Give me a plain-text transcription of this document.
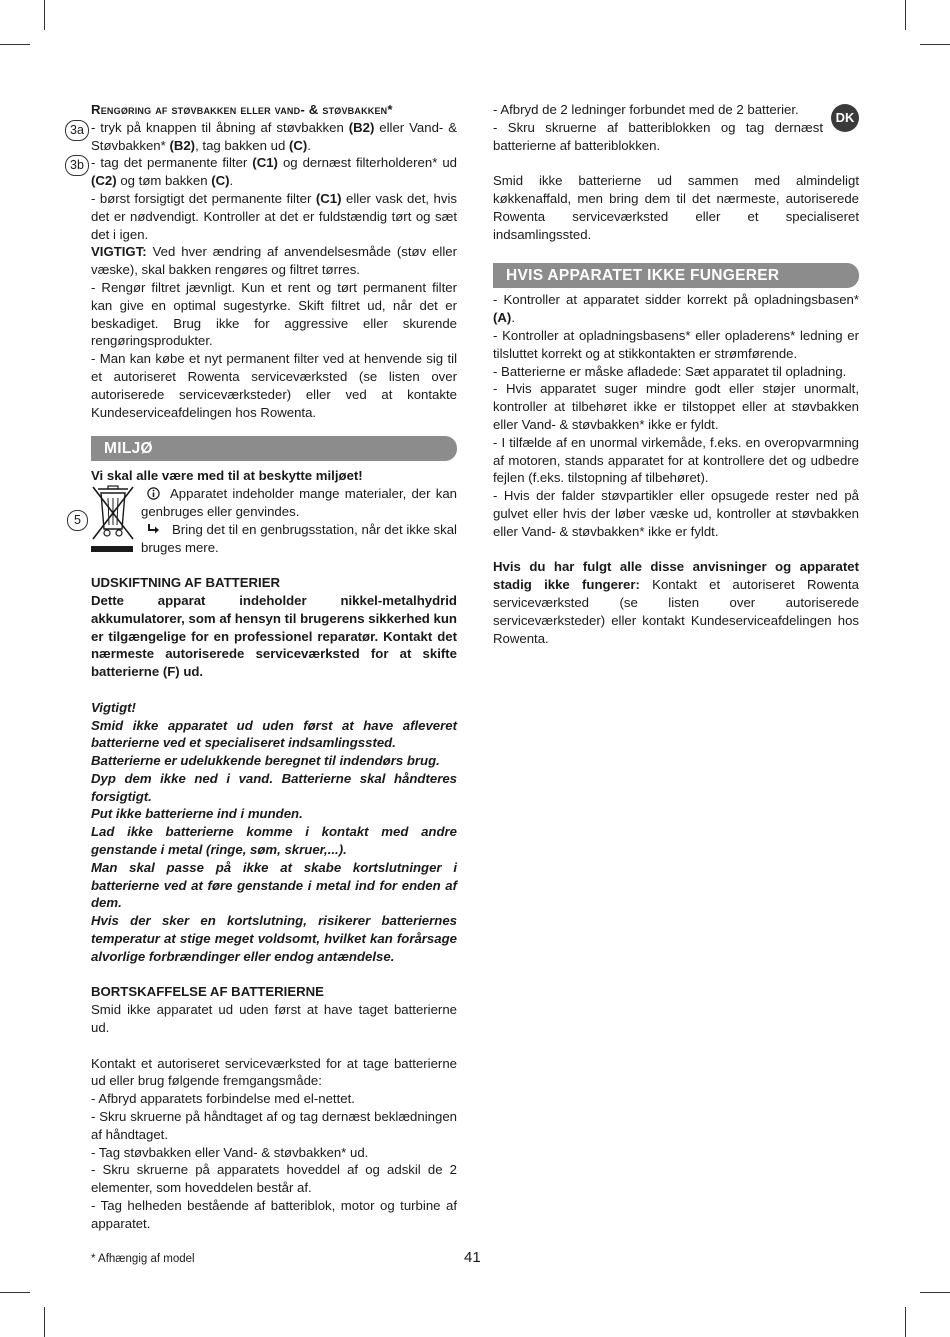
DK
3a
3b
5

Rengøring af støvbakken eller vand- & støvbakken*

- tryk på knappen til åbning af støvbakken (B2) eller Vand- & Støvbakken* (B2), tag bakken ud (C).

- tag det permanente filter (C1) og dernæst filterholderen* ud (C2) og tøm bakken (C).

- børst forsigtigt det permanente filter (C1) eller vask det, hvis det er nødvendigt. Kontroller at det er fuldstændig tørt og sæt det i igen.

VIGTIGT: Ved hver ændring af anvendelsesmåde (støv eller væske), skal bakken rengøres og filtret tørres.

- Rengør filtret jævnligt. Kun et rent og tørt permanent filter kan give en optimal sugestyrke. Skift filtret ud, når det er beskadiget. Brug ikke for aggressive eller skurende rengøringsprodukter.

- Man kan købe et nyt permanent filter ved at henvende sig til et autoriseret Rowenta serviceværksted (se listen over autoriserede serviceværksteder) eller ved at kontakte Kundeserviceafdelingen hos Rowenta.

MILJØ

Vi skal alle være med til at beskytte miljøet!

Apparatet indeholder mange materialer, der kan genbruges eller genvindes.

Bring det til en genbrugsstation, når det ikke skal bruges mere.

UDSKIFTNING AF BATTERIER

Dette apparat indeholder nikkel-metalhydrid akkumulatorer, som af hensyn til brugerens sikkerhed kun er tilgængelige for en professionel reparatør. Kontakt det nærmeste autoriserede serviceværksted for at skifte batterierne (F) ud.

Vigtigt!

Smid ikke apparatet ud uden først at have afleveret batterierne ved et specialiseret indsamlingssted.

Batterierne er udelukkende beregnet til indendørs brug.

Dyp dem ikke ned i vand. Batterierne skal håndteres forsigtigt.

Put ikke batterierne ind i munden.

Lad ikke batterierne komme i kontakt med andre genstande i metal (ringe, søm, skruer,...).

Man skal passe på ikke at skabe kortslutninger i batterierne ved at føre genstande i metal ind for enden af dem.

Hvis der sker en kortslutning, risikerer batteriernes temperatur at stige meget voldsomt, hvilket kan forårsage alvorlige forbrændinger eller endog antændelse.

BORTSKAFFELSE AF BATTERIERNE

Smid ikke apparatet ud uden først at have taget batterierne ud.

Kontakt et autoriseret serviceværksted for at tage batterierne ud eller brug følgende fremgangsmåde:

- Afbryd apparatets forbindelse med el-nettet.

- Skru skruerne på håndtaget af og tag dernæst beklædningen af håndtaget.

- Tag støvbakken eller Vand- & støvbakken* ud.

- Skru skruerne på apparatets hoveddel af og adskil de 2 elementer, som hoveddelen består af.

- Tag helheden bestående af batteriblok, motor og turbine af apparatet.

- Afbryd de 2 ledninger forbundet med de 2 batterier.

- Skru skruerne af batteriblokken og tag dernæst batterierne af batteriblokken.

Smid ikke batterierne ud sammen med almindeligt køkkenaffald, men bring dem til det nærmeste, autoriserede Rowenta serviceværksted eller et specialiseret indsamlingssted.

HVIS APPARATET IKKE FUNGERER

- Kontroller at apparatet sidder korrekt på opladningsbasen* (A).

- Kontroller at opladningsbasens* eller opladerens* ledning er tilsluttet korrekt og at stikkontakten er strømførende.

- Batterierne er måske afladede: Sæt apparatet til opladning.

- Hvis apparatet suger mindre godt eller støjer unormalt, kontroller at tilbehøret ikke er tilstoppet eller at støvbakken eller Vand- & støvbakken* ikke er fyldt.

- I tilfælde af en unormal virkemåde, f.eks. en overopvarmning af motoren, stands apparatet for at kontrollere det og udbedre fejlen (f.eks. tilstopning af tilbehøret).

- Hvis der falder støvpartikler eller opsugede rester ned på gulvet eller hvis der løber væske ud, kontroller at støvbakken eller Vand- & støvbakken* ikke er fyldt.

Hvis du har fulgt alle disse anvisninger og apparatet stadig ikke fungerer: Kontakt et autoriseret Rowenta serviceværksted (se listen over autoriserede serviceværksteder) eller kontakt Kundeserviceafdelingen hos Rowenta.

* Afhængig af model	41
